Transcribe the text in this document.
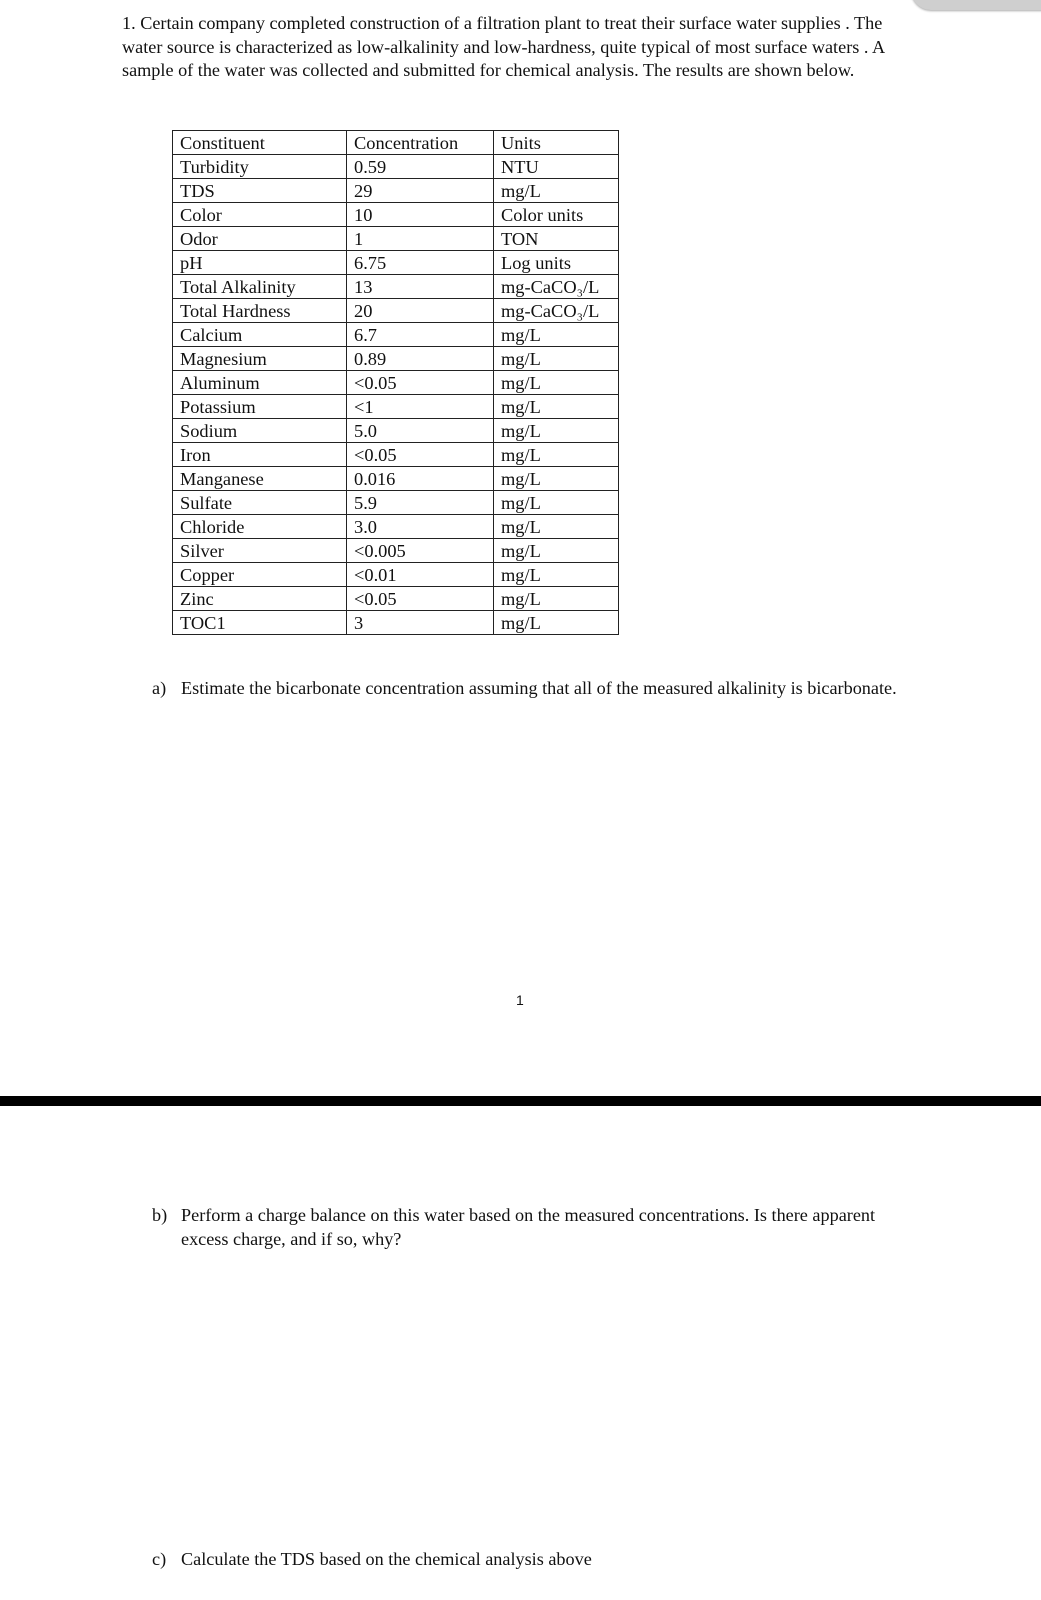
1. Certain company completed construction of a filtration plant to treat their surface water supplies . The water source is characterized as low-alkalinity and low-hardness, quite typical of most surface waters . A sample of the water was collected and submitted for chemical analysis. The results are shown below.

Constituent	Concentration	Units
Turbidity	0.59	NTU
TDS	29	mg/L
Color	10	Color units
Odor	1	TON
pH	6.75	Log units
Total Alkalinity	13	mg-CaCO₃/L
Total Hardness	20	mg-CaCO₃/L
Calcium	6.7	mg/L
Magnesium	0.89	mg/L
Aluminum	<0.05	mg/L
Potassium	<1	mg/L
Sodium	5.0	mg/L
Iron	<0.05	mg/L
Manganese	0.016	mg/L
Sulfate	5.9	mg/L
Chloride	3.0	mg/L
Silver	<0.005	mg/L
Copper	<0.01	mg/L
Zinc	<0.05	mg/L
TOC1	3	mg/L
a) Estimate the bicarbonate concentration assuming that all of the measured alkalinity is bicarbonate.
1
b) Perform a charge balance on this water based on the measured concentrations. Is there apparent excess charge, and if so, why?
c) Calculate the TDS based on the chemical analysis above
